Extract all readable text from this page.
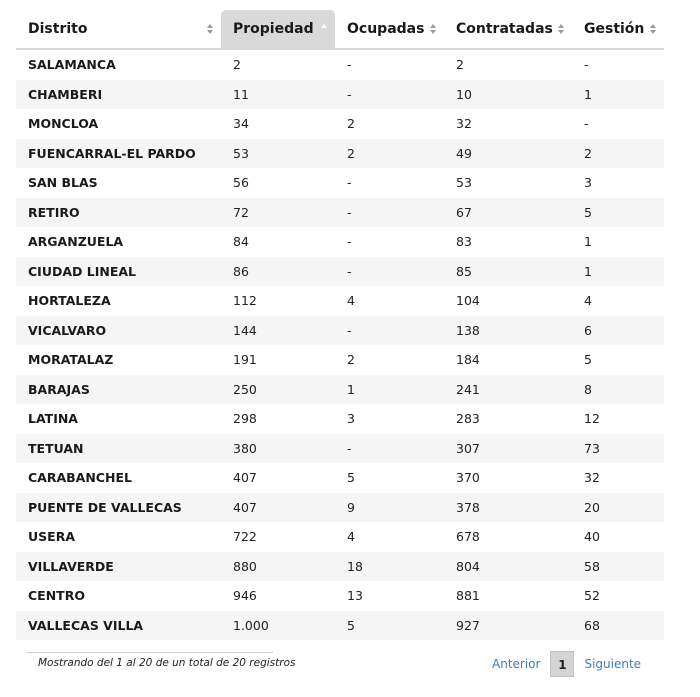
Distrito	Propiedad	Ocupadas	Contratadas	Gestión

SALAMANCA	2	-	2	-
CHAMBERI	11	-	10	1
MONCLOA	34	2	32	-
FUENCARRAL-EL PARDO	53	2	49	2
SAN BLAS	56	-	53	3
RETIRO	72	-	67	5
ARGANZUELA	84	-	83	1
CIUDAD LINEAL	86	-	85	1
HORTALEZA	112	4	104	4
VICALVARO	144	-	138	6
MORATALAZ	191	2	184	5
BARAJAS	250	1	241	8
LATINA	298	3	283	12
TETUAN	380	-	307	73
CARABANCHEL	407	5	370	32
PUENTE DE VALLECAS	407	9	378	20
USERA	722	4	678	40
VILLAVERDE	880	18	804	58
CENTRO	946	13	881	52
VALLECAS VILLA	1.000	5	927	68
Mostrando del 1 al 20 de un total de 20 registros	Anterior	1	Siguiente
